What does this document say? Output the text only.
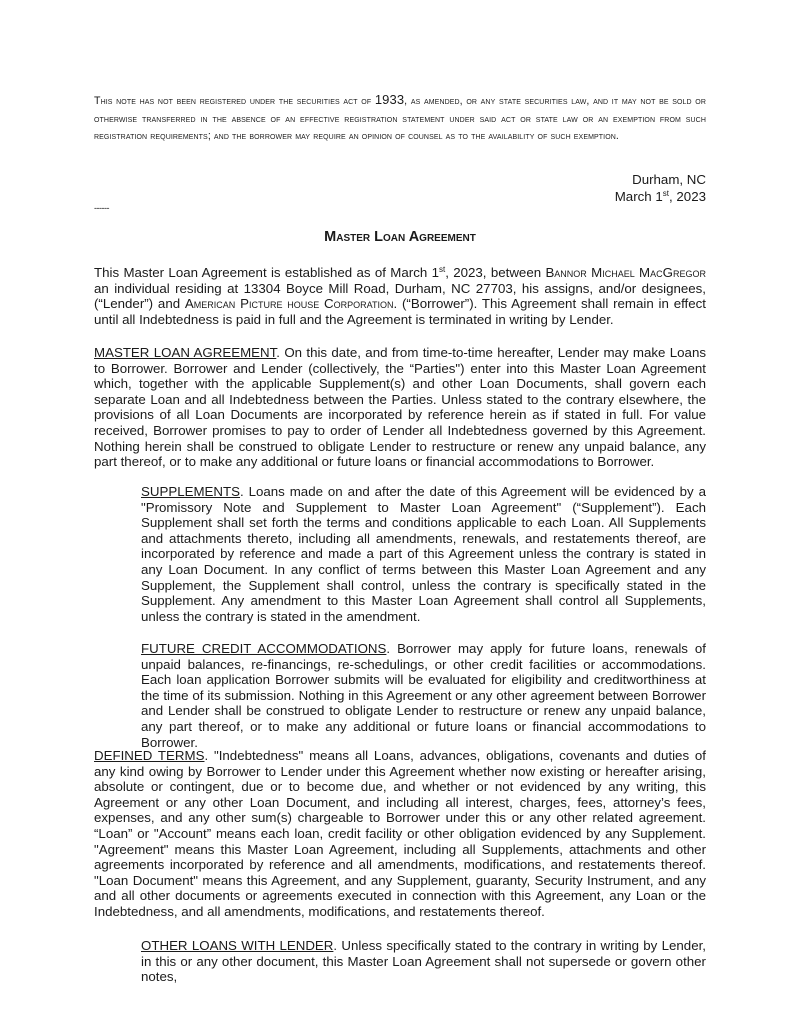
This note has not been registered under the securities act of 1933, as amended, or any state securities law, and it may not be sold or otherwise transferred in the absence of an effective registration statement under said act or state law or an exemption from such registration requirements; and the borrower may require an opinion of counsel as to the availability of such exemption.
Durham, NC
March 1st, 2023
------
Master Loan Agreement
This Master Loan Agreement is established as of March 1st, 2023, between Bannor Michael MacGregor an individual residing at 13304 Boyce Mill Road, Durham, NC 27703, his assigns, and/or designees, (“Lender”) and American Picture house Corporation. (“Borrower”). This Agreement shall remain in effect until all Indebtedness is paid in full and the Agreement is terminated in writing by Lender.
MASTER LOAN AGREEMENT. On this date, and from time-to-time hereafter, Lender may make Loans to Borrower. Borrower and Lender (collectively, the “Parties") enter into this Master Loan Agreement which, together with the applicable Supplement(s) and other Loan Documents, shall govern each separate Loan and all Indebtedness between the Parties. Unless stated to the contrary elsewhere, the provisions of all Loan Documents are incorporated by reference herein as if stated in full. For value received, Borrower promises to pay to order of Lender all Indebtedness governed by this Agreement. Nothing herein shall be construed to obligate Lender to restructure or renew any unpaid balance, any part thereof, or to make any additional or future loans or financial accommodations to Borrower.
SUPPLEMENTS. Loans made on and after the date of this Agreement will be evidenced by a "Promissory Note and Supplement to Master Loan Agreement" (“Supplement”). Each Supplement shall set forth the terms and conditions applicable to each Loan. All Supplements and attachments thereto, including all amendments, renewals, and restatements thereof, are incorporated by reference and made a part of this Agreement unless the contrary is stated in any Loan Document. In any conflict of terms between this Master Loan Agreement and any Supplement, the Supplement shall control, unless the contrary is specifically stated in the Supplement. Any amendment to this Master Loan Agreement shall control all Supplements, unless the contrary is stated in the amendment.
FUTURE CREDIT ACCOMMODATIONS. Borrower may apply for future loans, renewals of unpaid balances, re-financings, re-schedulings, or other credit facilities or accommodations. Each loan application Borrower submits will be evaluated for eligibility and creditworthiness at the time of its submission. Nothing in this Agreement or any other agreement between Borrower and Lender shall be construed to obligate Lender to restructure or renew any unpaid balance, any part thereof, or to make any additional or future loans or financial accommodations to Borrower.
DEFINED TERMS. "Indebtedness" means all Loans, advances, obligations, covenants and duties of any kind owing by Borrower to Lender under this Agreement whether now existing or hereafter arising, absolute or contingent, due or to become due, and whether or not evidenced by any writing, this Agreement or any other Loan Document, and including all interest, charges, fees, attorney’s fees, expenses, and any other sum(s) chargeable to Borrower under this or any other related agreement. “Loan” or "Account” means each loan, credit facility or other obligation evidenced by any Supplement. "Agreement" means this Master Loan Agreement, including all Supplements, attachments and other agreements incorporated by reference and all amendments, modifications, and restatements thereof. "Loan Document" means this Agreement, and any Supplement, guaranty, Security Instrument, and any and all other documents or agreements executed in connection with this Agreement, any Loan or the Indebtedness, and all amendments, modifications, and restatements thereof.
OTHER LOANS WITH LENDER. Unless specifically stated to the contrary in writing by Lender, in this or any other document, this Master Loan Agreement shall not supersede or govern other notes,
